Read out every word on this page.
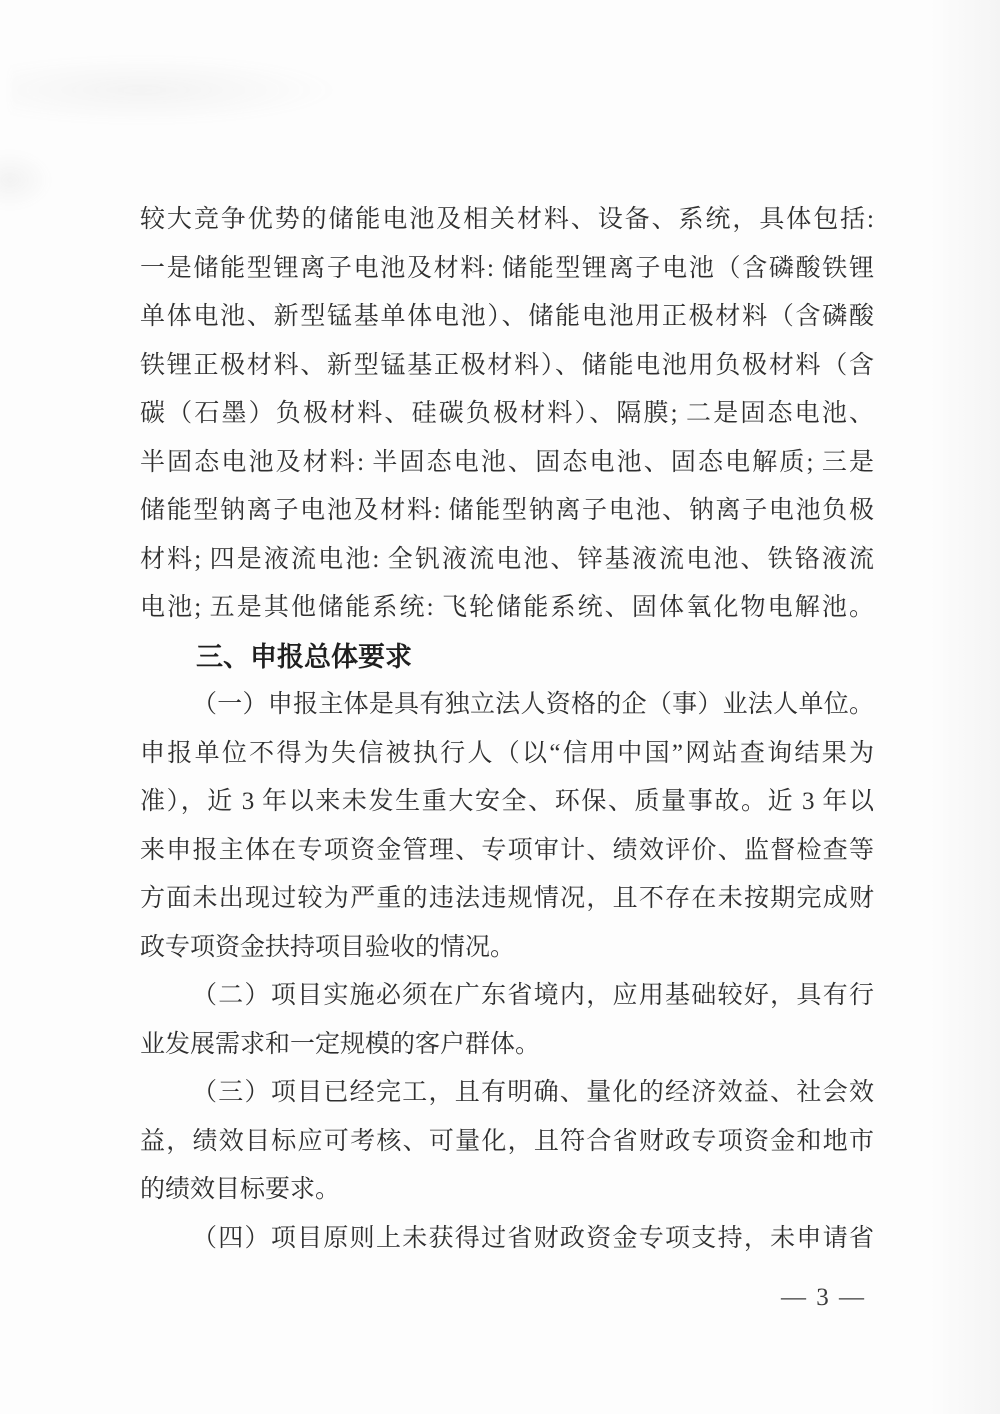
较大竞争优势的储能电池及相关材料、设备、系统，具体包括:
一是储能型锂离子电池及材料: 储能型锂离子电池（含磷酸铁锂
单体电池、新型锰基单体电池）、储能电池用正极材料（含磷酸
铁锂正极材料、新型锰基正极材料）、储能电池用负极材料（含
碳（石墨）负极材料、硅碳负极材料）、隔膜; 二是固态电池、
半固态电池及材料: 半固态电池、固态电池、固态电解质; 三是
储能型钠离子电池及材料: 储能型钠离子电池、钠离子电池负极
材料; 四是液流电池: 全钒液流电池、锌基液流电池、铁铬液流
电池; 五是其他储能系统: 飞轮储能系统、固体氧化物电解池。
三、申报总体要求
（一）申报主体是具有独立法人资格的企（事）业法人单位。
申报单位不得为失信被执行人（以“信用中国”网站查询结果为
准），近 3 年以来未发生重大安全、环保、质量事故。近 3 年以
来申报主体在专项资金管理、专项审计、绩效评价、监督检查等
方面未出现过较为严重的违法违规情况，且不存在未按期完成财
政专项资金扶持项目验收的情况。
（二）项目实施必须在广东省境内，应用基础较好，具有行
业发展需求和一定规模的客户群体。
（三）项目已经完工，且有明确、量化的经济效益、社会效
益，绩效目标应可考核、可量化，且符合省财政专项资金和地市
的绩效目标要求。
（四）项目原则上未获得过省财政资金专项支持，未申请省
— 3 —
